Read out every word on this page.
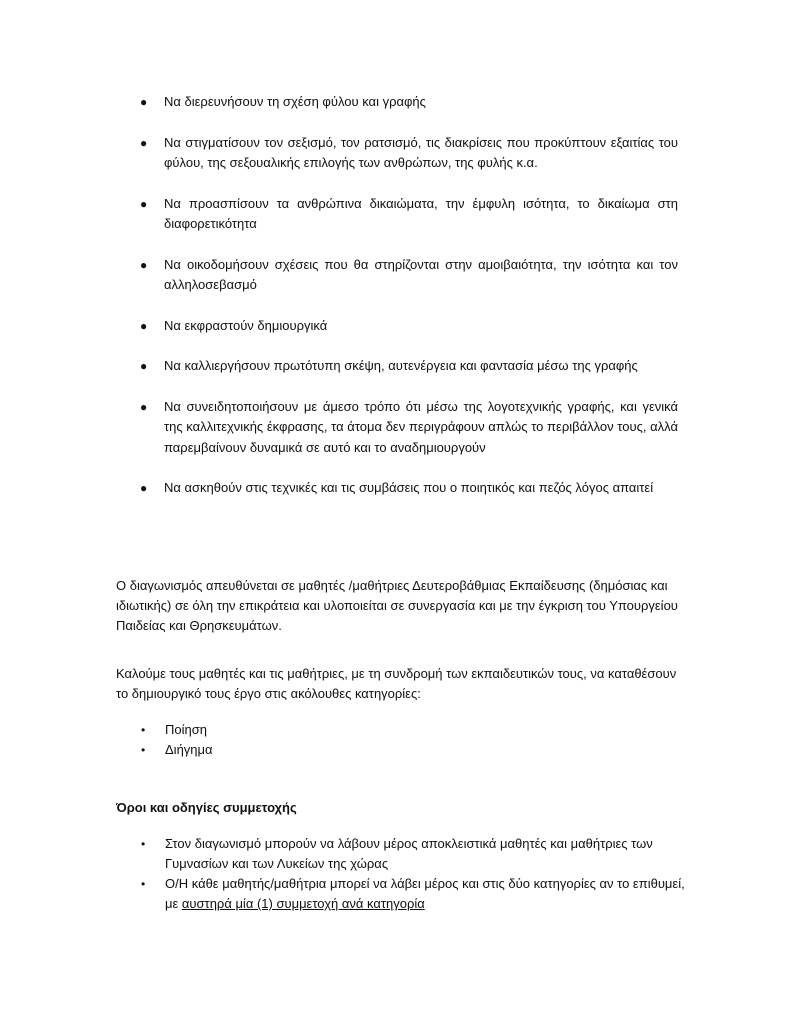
● Να διερευνήσουν τη σχέση φύλου και γραφής
● Να στιγματίσουν τον σεξισμό, τον ρατσισμό, τις διακρίσεις που προκύπτουν εξαιτίας του φύλου, της σεξουαλικής επιλογής των ανθρώπων, της φυλής κ.α.
● Να προασπίσουν τα ανθρώπινα δικαιώματα, την έμφυλη ισότητα, το δικαίωμα στη διαφορετικότητα
● Να οικοδομήσουν σχέσεις που θα στηρίζονται στην αμοιβαιότητα, την ισότητα και τον αλληλοσεβασμό
● Να εκφραστούν δημιουργικά
● Να καλλιεργήσουν πρωτότυπη σκέψη, αυτενέργεια και φαντασία μέσω της γραφής
● Να συνειδητοποιήσουν με άμεσο τρόπο ότι μέσω της λογοτεχνικής γραφής, και γενικά της καλλιτεχνικής έκφρασης, τα άτομα δεν περιγράφουν απλώς το περιβάλλον τους, αλλά παρεμβαίνουν δυναμικά σε αυτό και το αναδημιουργούν
● Να ασκηθούν στις τεχνικές και τις συμβάσεις που ο ποιητικός και πεζός λόγος απαιτεί

Ο διαγωνισμός απευθύνεται σε μαθητές /μαθήτριες Δευτεροβάθμιας Εκπαίδευσης (δημόσιας και ιδιωτικής) σε όλη την επικράτεια και υλοποιείται σε συνεργασία και με την έγκριση του Υπουργείου Παιδείας και Θρησκευμάτων.

Καλούμε τους μαθητές και τις μαθήτριες, με τη συνδρομή των εκπαιδευτικών τους, να καταθέσουν το δημιουργικό τους έργο στις ακόλουθες κατηγορίες:

• Ποίηση
• Διήγημα

Όροι και οδηγίες συμμετοχής

• Στον διαγωνισμό μπορούν να λάβουν μέρος αποκλειστικά μαθητές και μαθήτριες των Γυμνασίων και των Λυκείων της χώρας
• Ο/Η κάθε μαθητής/μαθήτρια μπορεί να λάβει μέρος και στις δύο κατηγορίες αν το επιθυμεί, με αυστηρά μία (1) συμμετοχή ανά κατηγορία
